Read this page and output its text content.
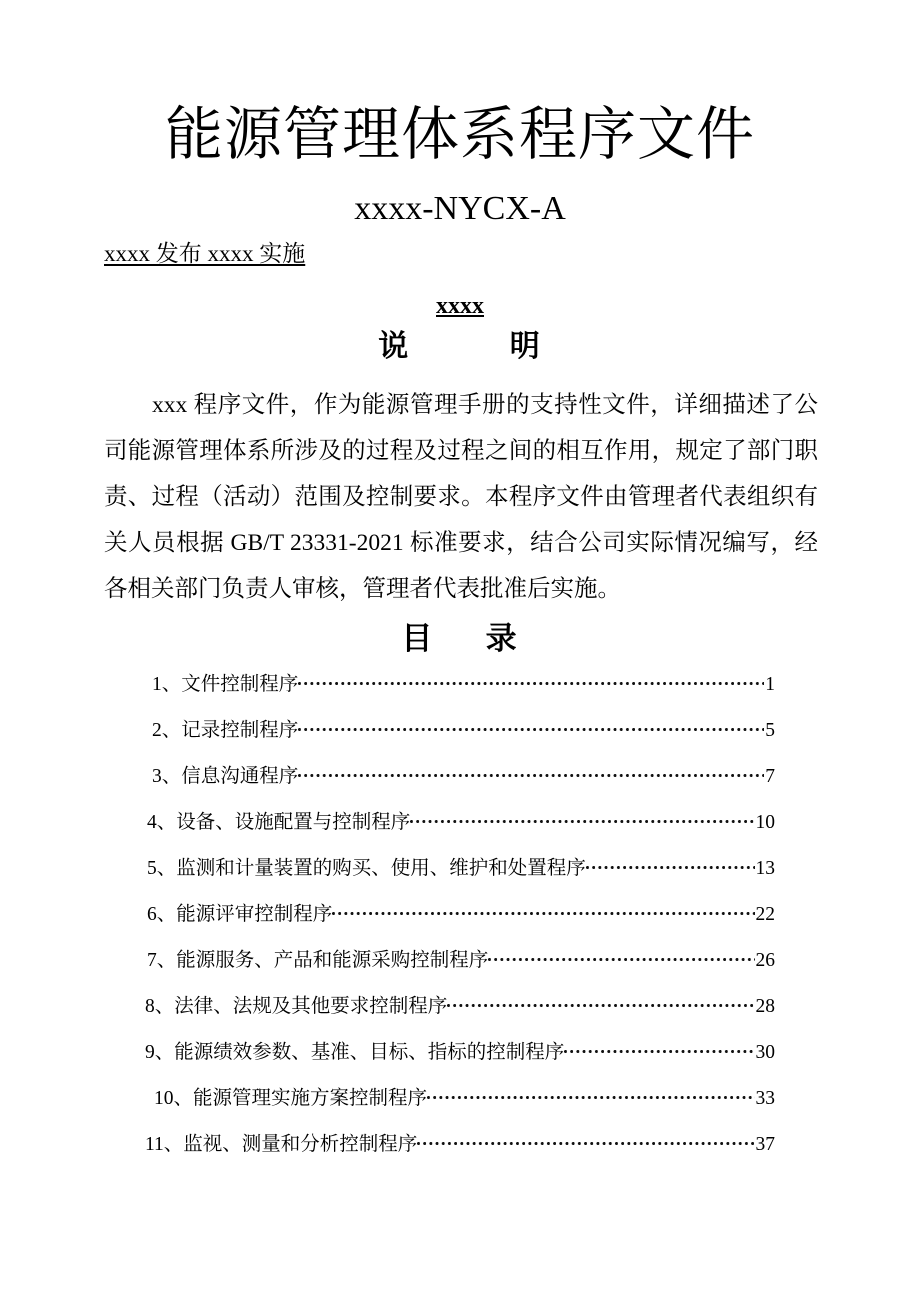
能源管理体系程序文件
xxxx-NYCX-A
xxxx 发布 xxxx 实施
xxxx
说        明
xxx 程序文件，作为能源管理手册的支持性文件，详细描述了公司能源管理体系所涉及的过程及过程之间的相互作用，规定了部门职责、过程（活动）范围及控制要求。本程序文件由管理者代表组织有关人员根据 GB/T 23331-2021 标准要求，结合公司实际情况编写，经各相关部门负责人审核，管理者代表批准后实施。
目    录
1、文件控制程序	1
2、记录控制程序	5
3、信息沟通程序	7
4、设备、设施配置与控制程序	10
5、监测和计量装置的购买、使用、维护和处置程序	13
6、能源评审控制程序	22
7、能源服务、产品和能源采购控制程序	26
8、法律、法规及其他要求控制程序	28
9、能源绩效参数、基准、目标、指标的控制程序	30
10、能源管理实施方案控制程序	33
11、监视、测量和分析控制程序	37
